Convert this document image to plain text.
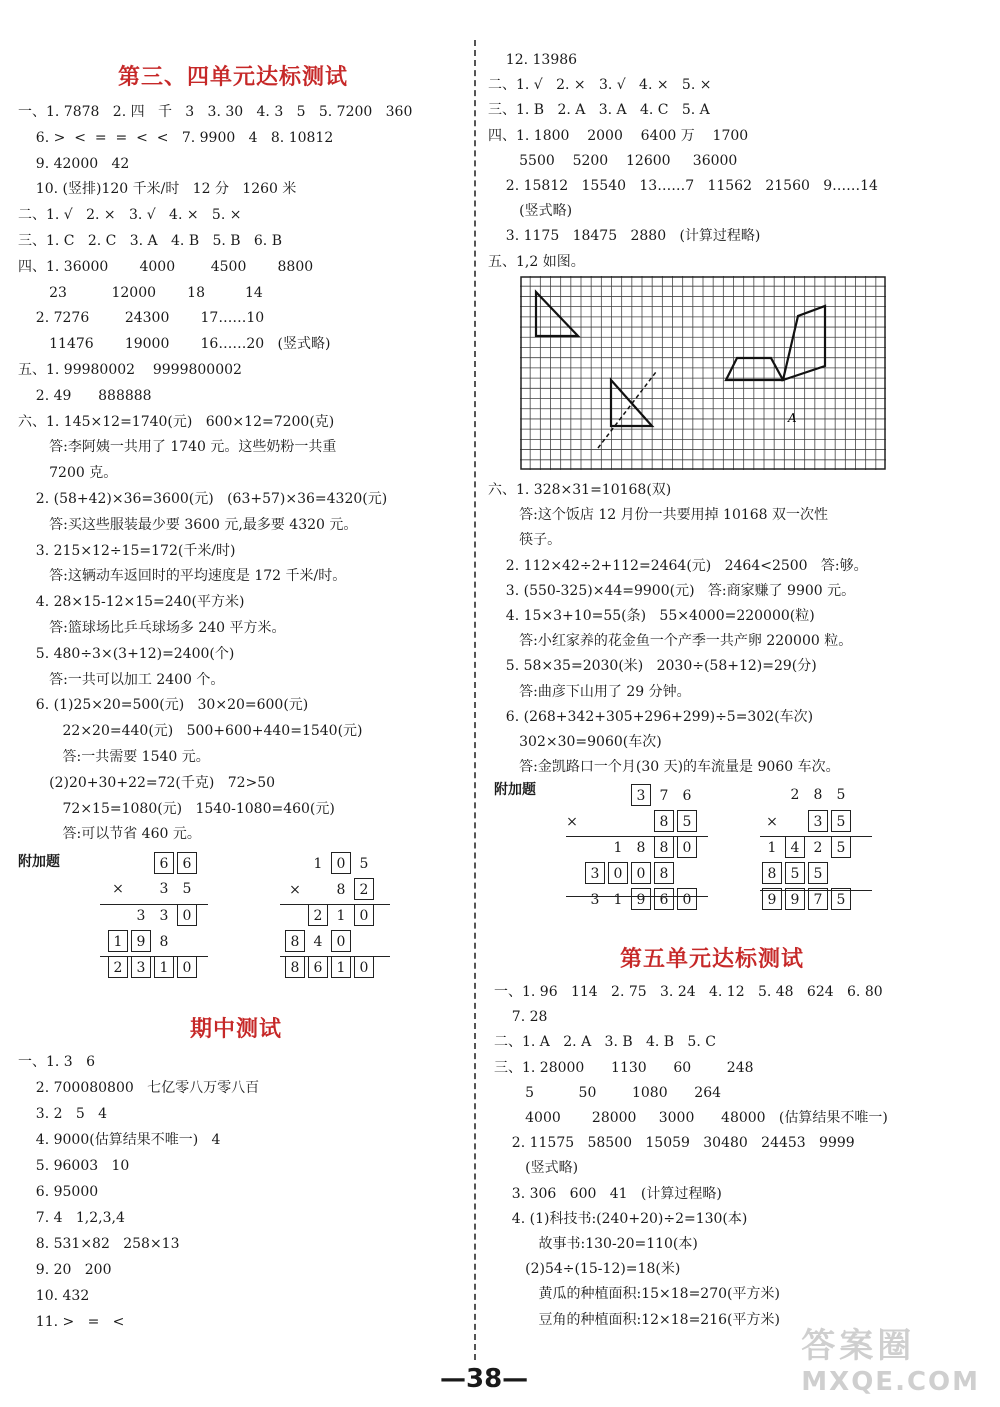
第三、四单元达标测试
一、1. 7878   2. 四   千   3   3. 30   4. 3   5   5. 7200   360
6. >  <  =  =  <  <   7. 9900   4   8. 10812
9. 42000   42
10. (竖排)120 千米/时   12 分   1260 米
二、1. √   2. ×   3. √   4. ×   5. ×
三、1. C   2. C   3. A   4. B   5. B   6. B
四、1. 36000       4000        4500       8800
23          12000       18         14
2. 7276        24300       17……10
11476       19000       16……20   (竖式略)
五、1. 99980002    9999800002
2. 49      888888
六、1. 145×12=1740(元)   600×12=7200(克)
答:李阿姨一共用了 1740 元。这些奶粉一共重
7200 克。
2. (58+42)×36=3600(元)   (63+57)×36=4320(元)
答:买这些服装最少要 3600 元,最多要 4320 元。
3. 215×12÷15=172(千米/时)
答:这辆动车返回时的平均速度是 172 千米/时。
4. 28×15-12×15=240(平方米)
答:篮球场比乒乓球场多 240 平方米。
5. 480÷3×(3+12)=2400(个)
答:一共可以加工 2400 个。
6. (1)25×20=500(元)   30×20=600(元)
22×20=440(元)   500+600+440=1540(元)
答:一共需要 1540 元。
(2)20+30+22=72(千克)   72>50
72×15=1080(元)   1540-1080=460(元)
答:可以节省 460 元。
附加题	6 6
×	3 5
3 3 0
1 9 8
2 3 1 0
1 0 5
×	8 2
2 1 0
8 4 0
8 6 1 0
期中测试
一、1. 3   6
2. 700080800   七亿零八万零八百
3. 2   5   4
4. 9000(估算结果不唯一)   4
5. 96003   10
6. 95000
7. 4   1,2,3,4
8. 531×82   258×13
9. 20   200
10. 432
11. >   =   <
12. 13986
二、1. √   2. ×   3. √   4. ×   5. ×
三、1. B   2. A   3. A   4. C   5. A
四、1. 1800    2000    6400 万    1700
5500    5200    12600     36000
2. 15812   15540   13……7   11562   21560   9……14
(竖式略)
3. 1175   18475   2880   (计算过程略)
五、1,2 如图。
A
六、1. 328×31=10168(双)
答:这个饭店 12 月份一共要用掉 10168 双一次性
筷子。
2. 112×42÷2+112=2464(元)   2464<2500   答:够。
3. (550-325)×44=9900(元)   答:商家赚了 9900 元。
4. 15×3+10=55(条)   55×4000=220000(粒)
答:小红家养的花金鱼一个产季一共产卵 220000 粒。
5. 58×35=2030(米)   2030÷(58+12)=29(分)
答:曲彦下山用了 29 分钟。
6. (268+342+305+296+299)÷5=302(车次)
302×30=9060(车次)
答:金凯路口一个月(30 天)的车流量是 9060 车次。
附加题	3 7 6
×	8 5
1 8 8 0
3 0 0 8
3 1 9 6 0
2 8 5
×	3 5
1 4 2 5
8 5 5
9 9 7 5
第五单元达标测试
一、1. 96   114   2. 75   3. 24   4. 12   5. 48   624   6. 80
7. 28
二、1. A   2. A   3. B   4. B   5. C
三、1. 28000      1130      60        248
5          50        1080      264
4000       28000     3000      48000   (估算结果不唯一)
2. 11575   58500   15059   30480   24453   9999
(竖式略)
3. 306   600   41   (计算过程略)
4. (1)科技书:(240+20)÷2=130(本)
故事书:130-20=110(本)
(2)54÷(15-12)=18(米)
黄瓜的种植面积:15×18=270(平方米)
豆角的种植面积:12×18=216(平方米)
—38—
答案圈
MXQE.COM
